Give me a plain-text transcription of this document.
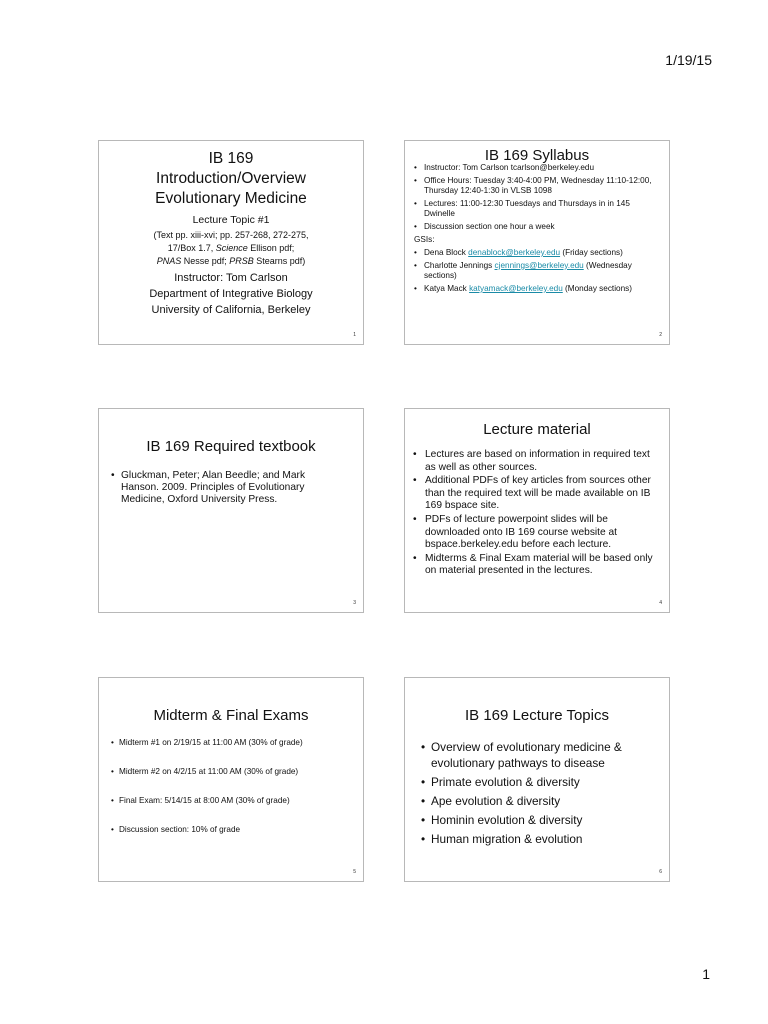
1/19/15
IB 169
Introduction/Overview
Evolutionary Medicine
Lecture Topic #1
(Text pp. xiii-xvi; pp. 257-268, 272-275,
17/Box 1.7, Science Ellison pdf;
PNAS Nesse pdf; PRSB Stearns pdf)
Instructor: Tom Carlson
Department of Integrative Biology
University of California, Berkeley
1
IB 169 Syllabus
• Instructor: Tom Carlson tcarlson@berkeley.edu
• Office Hours: Tuesday 3:40-4:00 PM, Wednesday 11:10-12:00, Thursday 12:40-1:30 in VLSB 1098
• Lectures: 11:00-12:30 Tuesdays and Thursdays in in 145 Dwinelle
• Discussion section one hour a week
GSIs:
• Dena Block denablock@berkeley.edu (Friday sections)
• Charlotte Jennings cjennings@berkeley.edu (Wednesday sections)
• Katya Mack katyamack@berkeley.edu (Monday sections)
2
IB 169 Required textbook
• Gluckman, Peter; Alan Beedle; and Mark Hanson. 2009. Principles of Evolutionary Medicine, Oxford University Press.
3
Lecture material
• Lectures are based on information in required text as well as other sources.
• Additional PDFs of key articles from sources other than the required text will be made available on IB 169 bspace site.
• PDFs of lecture powerpoint slides will be downloaded onto IB 169 course website at bspace.berkeley.edu before each lecture.
• Midterms & Final Exam material will be based only on material presented in the lectures.
4
Midterm & Final Exams
• Midterm #1 on 2/19/15 at 11:00 AM (30% of grade)
• Midterm #2 on 4/2/15 at 11:00 AM (30% of grade)
• Final Exam: 5/14/15 at 8:00 AM (30% of grade)
• Discussion section: 10% of grade
5
IB 169 Lecture Topics
• Overview of evolutionary medicine & evolutionary pathways to disease
• Primate evolution & diversity
• Ape evolution & diversity
• Hominin evolution & diversity
• Human migration & evolution
6
1
